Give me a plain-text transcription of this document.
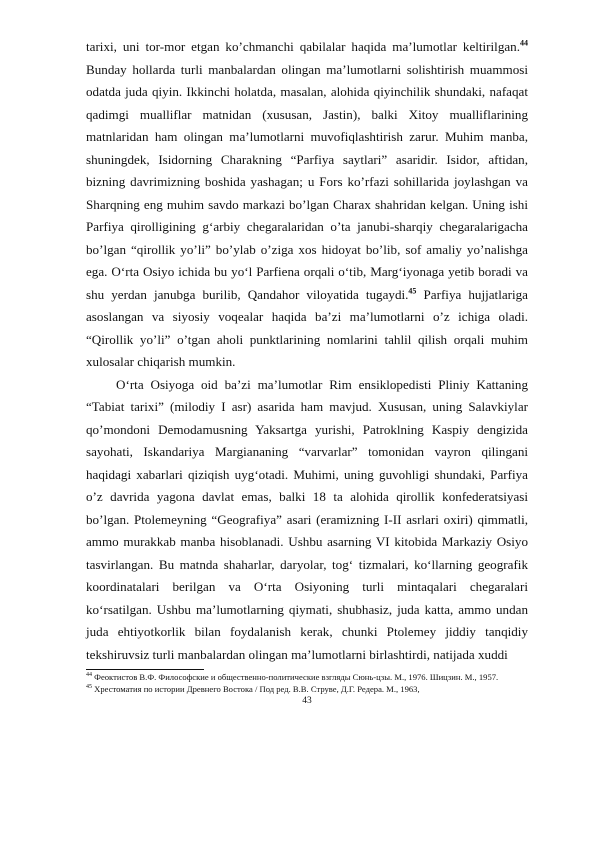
tarixi, uni tor-mor etgan ko’chmanchi qabilalar haqida ma’lumotlar keltirilgan.$^{44}$ Bunday hollarda turli manbalardan olingan ma’lumotlarni solishtirish muammosi odatda juda qiyin. Ikkinchi holatda, masalan, alohida qiyinchilik shundaki, nafaqat qadimgi mualliflar matnidan (xususan, Jastin), balki Xitoy mualliflarining matnlaridan ham olingan ma’lumotlarni muvofiqlashtirish zarur. Muhim manba, shuningdek, Isidorning Charakning “Parfiya saytlari” asaridir. Isidor, aftidan, bizning davrimizning boshida yashagan; u Fors ko’rfazi sohillarida joylashgan va Sharqning eng muhim savdo markazi bo’lgan Charax shahridan kelgan. Uning ishi Parfiya qirolligining g‘arbiy chegaralaridan o’ta janubi-sharqiy chegaralarigacha bo’lgan “qirollik yo’li” bo’ylab o’ziga xos hidoyat bo’lib, sof amaliy yo’nalishga ega. O‘rta Osiyo ichida bu yo‘l Parfiena orqali o‘tib, Marg‘iyonaga yetib boradi va shu yerdan janubga burilib, Qandahor viloyatida tugaydi.$^{45}$ Parfiya hujjatlariga asoslangan va siyosiy voqealar haqida ba’zi ma’lumotlarni o’z ichiga oladi. “Qirollik yo’li” o’tgan aholi punktlarining nomlarini tahlil qilish orqali muhim xulosalar chiqarish mumkin.

O‘rta Osiyoga oid ba’zi ma’lumotlar Rim ensiklopedisti Pliniy Kattaning “Tabiat tarixi” (milodiy I asr) asarida ham mavjud. Xususan, uning Salavkiylar qo’mondoni Demodamusning Yaksartga yurishi, Patroklning Kaspiy dengizida sayohati, Iskandariya Margiananing “varvarlar” tomonidan vayron qilingani haqidagi xabarlari qiziqish uyg‘otadi. Muhimi, uning guvohligi shundaki, Parfiya o’z davrida yagona davlat emas, balki 18 ta alohida qirollik konfederatsiyasi bo’lgan. Ptolemeyning “Geografiya” asari (eramizning I-II asrlari oxiri) qimmatli, ammo murakkab manba hisoblanadi. Ushbu asarning VI kitobida Markaziy Osiyo tasvirlangan. Bu matnda shaharlar, daryolar, tog‘ tizmalari, ko‘llarning geografik koordinatalari berilgan va O‘rta Osiyoning turli mintaqalari chegaralari ko‘rsatilgan. Ushbu ma’lumotlarning qiymati, shubhasiz, juda katta, ammo undan juda ehtiyotkorlik bilan foydalanish kerak, chunki Ptolemey jiddiy tanqidiy tekshiruvsiz turli manbalardan olingan ma’lumotlarni birlashtirdi, natijada xuddi

$^{44}$ Феоктистов В.Ф. Философские и общественно-политические взгляды Сюнь-цзы. М., 1976. Шицзин. М., 1957.

$^{45}$ Хрестоматия по истории Древнего Востока / Под ред. В.В. Струве, Д.Г. Редера. М., 1963,

43
